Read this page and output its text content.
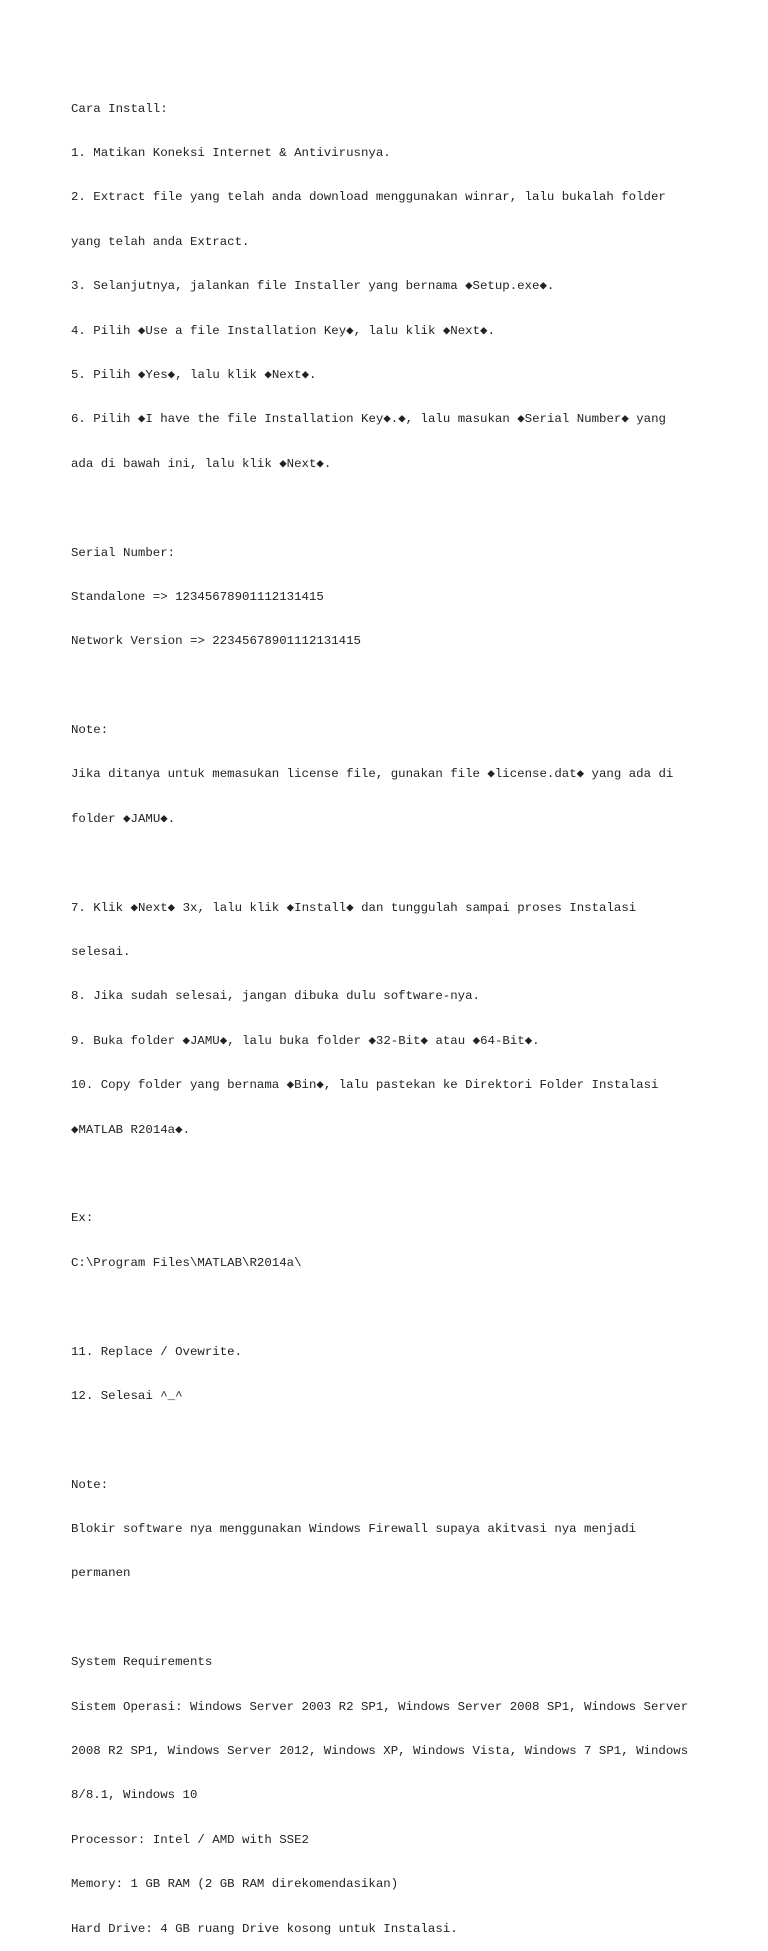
Cara Install:

1. Matikan Koneksi Internet & Antivirusnya.

2. Extract file yang telah anda download menggunakan winrar, lalu bukalah folder

yang telah anda Extract.

3. Selanjutnya, jalankan file Installer yang bernama ◆Setup.exe◆.

4. Pilih ◆Use a file Installation Key◆, lalu klik ◆Next◆.

5. Pilih ◆Yes◆, lalu klik ◆Next◆.

6. Pilih ◆I have the file Installation Key◆.◆, lalu masukan ◆Serial Number◆ yang

ada di bawah ini, lalu klik ◆Next◆.

Serial Number:

Standalone => 12345678901112131415

Network Version => 22345678901112131415

Note:

Jika ditanya untuk memasukan license file, gunakan file ◆license.dat◆ yang ada di

folder ◆JAMU◆.

7. Klik ◆Next◆ 3x, lalu klik ◆Install◆ dan tunggulah sampai proses Instalasi

selesai.

8. Jika sudah selesai, jangan dibuka dulu software-nya.

9. Buka folder ◆JAMU◆, lalu buka folder ◆32-Bit◆ atau ◆64-Bit◆.

10. Copy folder yang bernama ◆Bin◆, lalu pastekan ke Direktori Folder Instalasi

◆MATLAB R2014a◆.

Ex:

C:\Program Files\MATLAB\R2014a\

11. Replace / Ovewrite.

12. Selesai ^_^

Note:

Blokir software nya menggunakan Windows Firewall supaya akitvasi nya menjadi

permanen

System Requirements

Sistem Operasi: Windows Server 2003 R2 SP1, Windows Server 2008 SP1, Windows Server

2008 R2 SP1, Windows Server 2012, Windows XP, Windows Vista, Windows 7 SP1, Windows

8/8.1, Windows 10

Processor: Intel / AMD with SSE2

Memory: 1 GB RAM (2 GB RAM direkomendasikan)

Hard Drive: 4 GB ruang Drive kosong untuk Instalasi.
